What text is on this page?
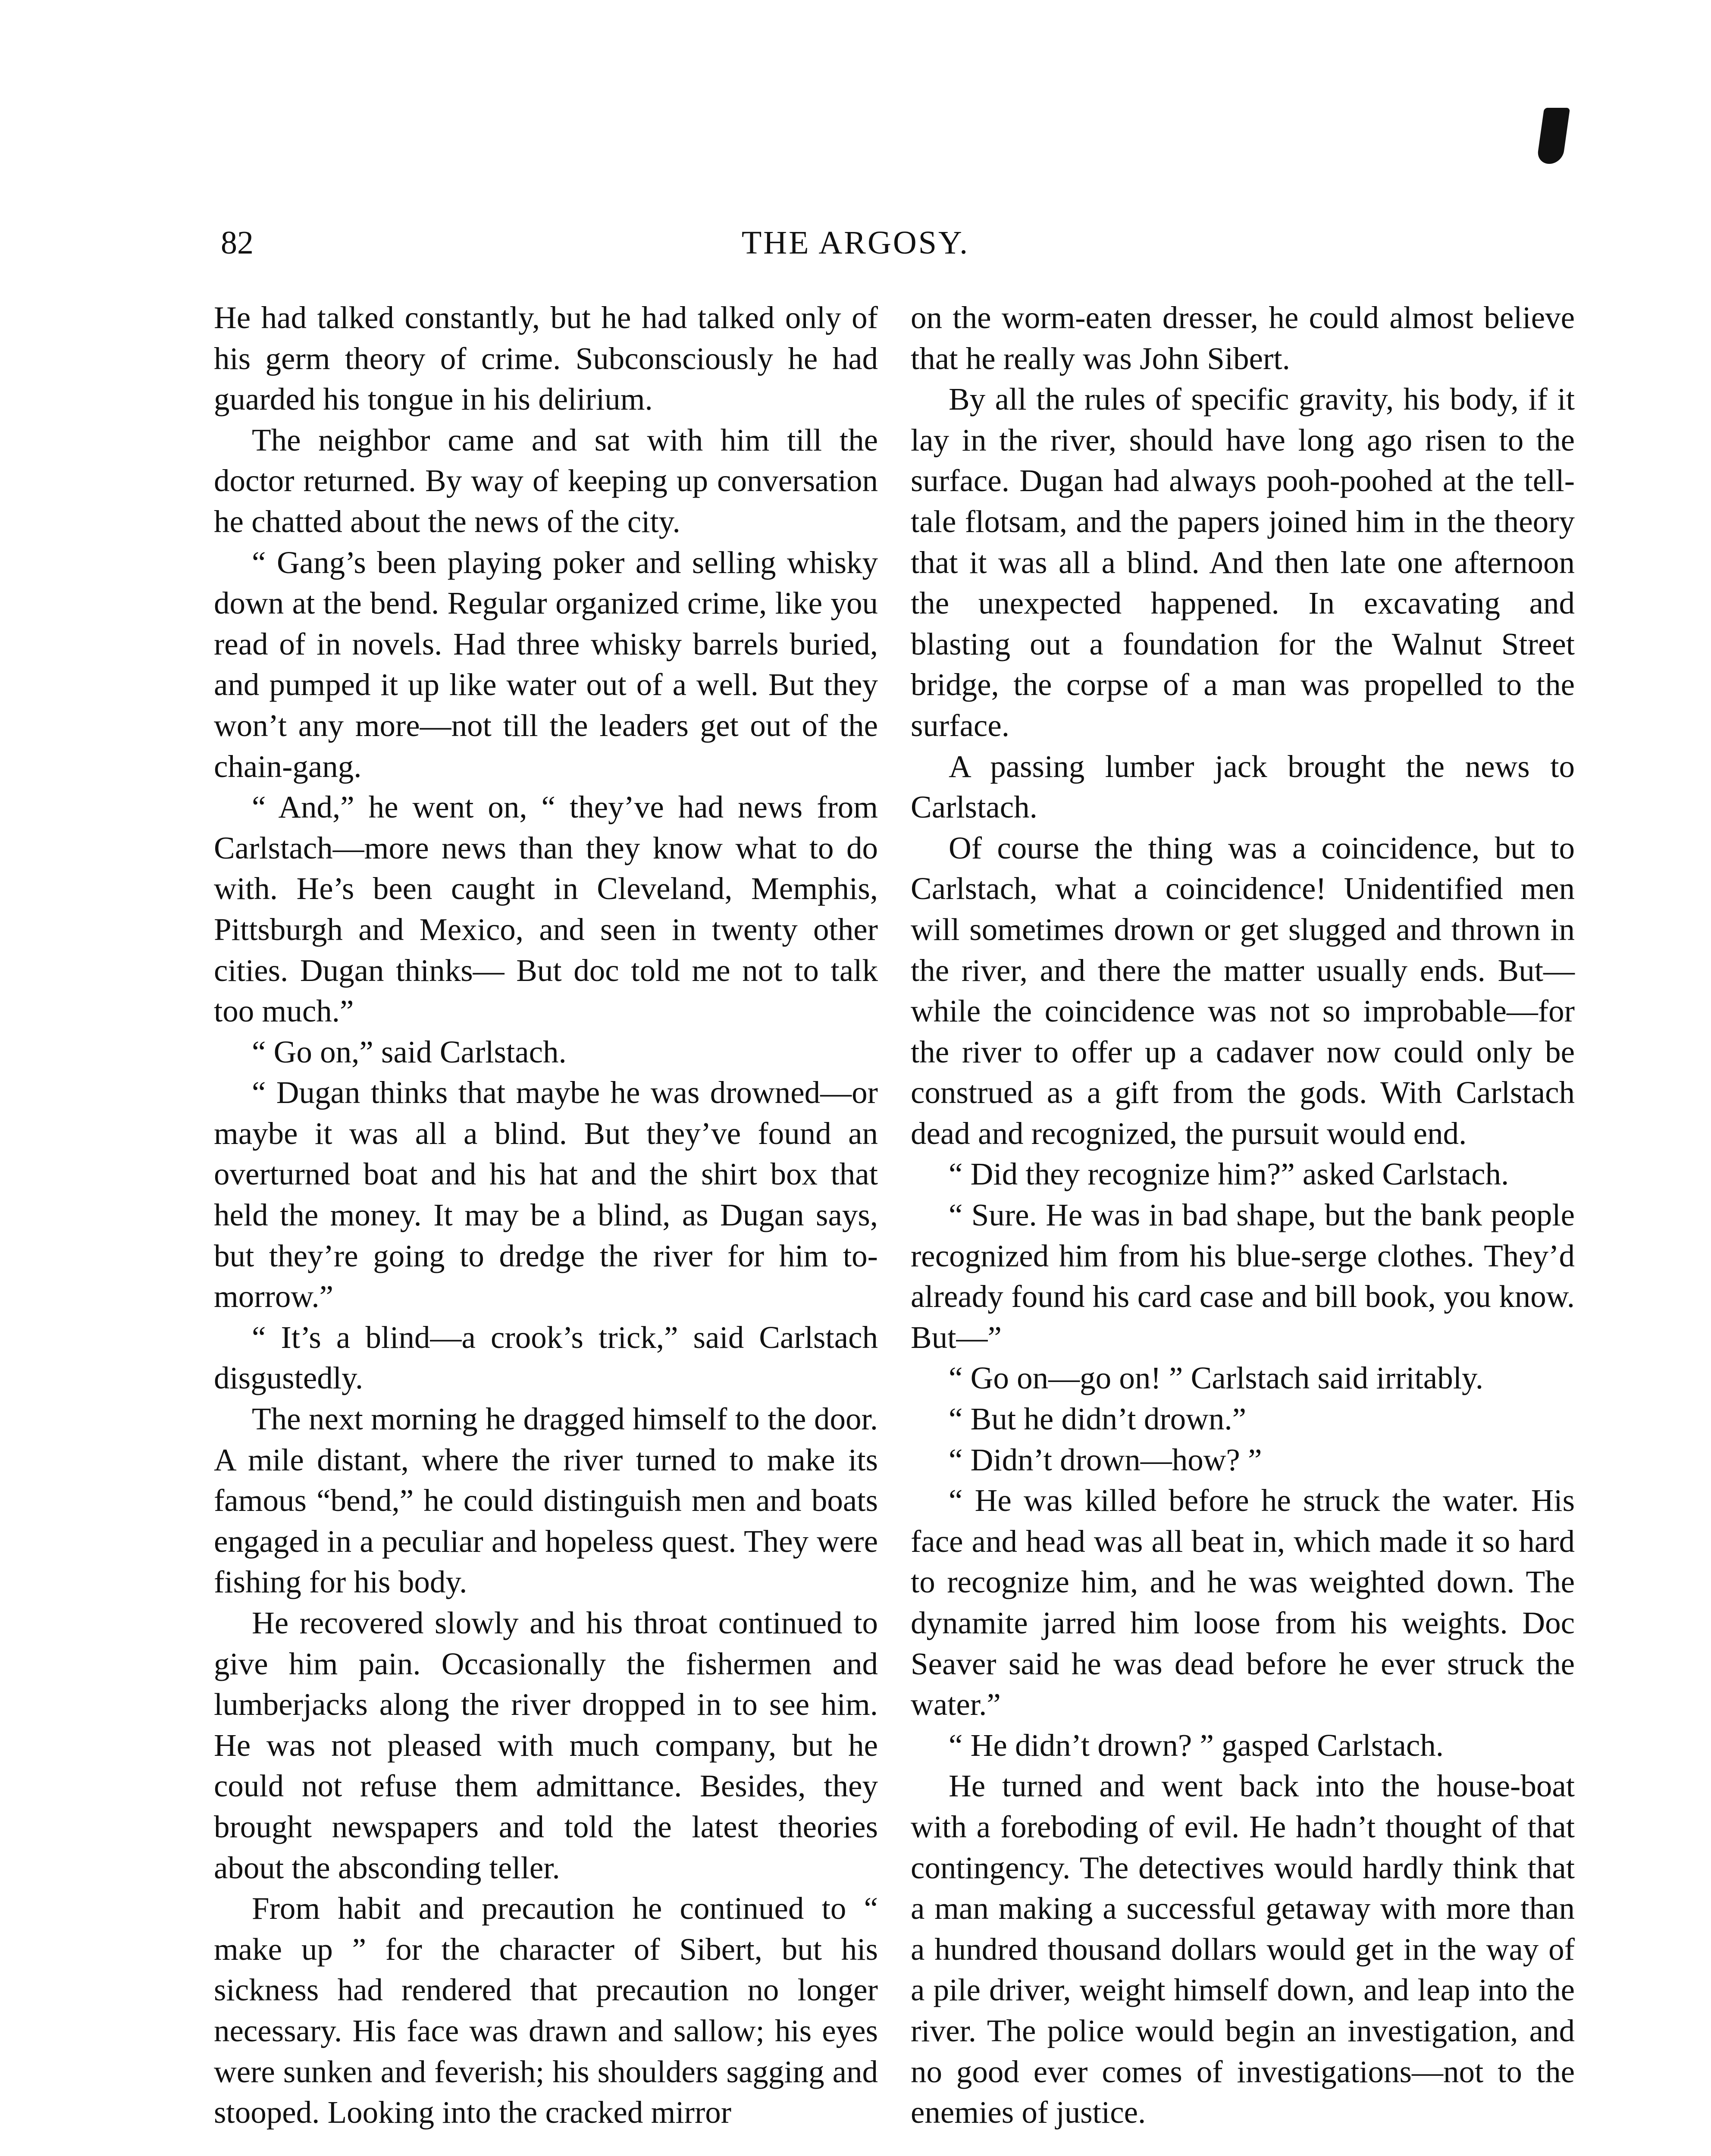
82	THE ARGOSY.

He had talked constantly, but he had talked only of his germ theory of crime. Subconsciously he had guarded his tongue in his delirium.

The neighbor came and sat with him till the doctor returned. By way of keeping up conversation he chatted about the news of the city.

“ Gang’s been playing poker and selling whisky down at the bend. Regular organized crime, like you read of in novels. Had three whisky barrels buried, and pumped it up like water out of a well. But they won’t any more—not till the leaders get out of the chain-gang.

“ And,” he went on, “ they’ve had news from Carlstach—more news than they know what to do with. He’s been caught in Cleveland, Memphis, Pittsburgh and Mexico, and seen in twenty other cities. Dugan thinks— But doc told me not to talk too much.”

“ Go on,” said Carlstach.

“ Dugan thinks that maybe he was drowned—or maybe it was all a blind. But they’ve found an overturned boat and his hat and the shirt box that held the money. It may be a blind, as Dugan says, but they’re going to dredge the river for him to-morrow.”

“ It’s a blind—a crook’s trick,” said Carlstach disgustedly.

The next morning he dragged himself to the door. A mile distant, where the river turned to make its famous “bend,” he could distinguish men and boats engaged in a peculiar and hopeless quest. They were fishing for his body.

He recovered slowly and his throat continued to give him pain. Occasionally the fishermen and lumberjacks along the river dropped in to see him. He was not pleased with much company, but he could not refuse them admittance. Besides, they brought newspapers and told the latest theories about the absconding teller.

From habit and precaution he continued to “ make up ” for the character of Sibert, but his sickness had rendered that precaution no longer necessary. His face was drawn and sallow; his eyes were sunken and feverish; his shoulders sagging and stooped. Looking into the cracked mirror

on the worm-eaten dresser, he could almost believe that he really was John Sibert.

By all the rules of specific gravity, his body, if it lay in the river, should have long ago risen to the surface. Dugan had always pooh-poohed at the tell-tale flotsam, and the papers joined him in the theory that it was all a blind. And then late one afternoon the unexpected happened. In excavating and blasting out a foundation for the Walnut Street bridge, the corpse of a man was propelled to the surface.

A passing lumber jack brought the news to Carlstach.

Of course the thing was a coincidence, but to Carlstach, what a coincidence! Unidentified men will sometimes drown or get slugged and thrown in the river, and there the matter usually ends. But—while the coincidence was not so improbable—for the river to offer up a cadaver now could only be construed as a gift from the gods. With Carlstach dead and recognized, the pursuit would end.

“ Did they recognize him?” asked Carlstach.

“ Sure. He was in bad shape, but the bank people recognized him from his blue-serge clothes. They’d already found his card case and bill book, you know. But—”

“ Go on—go on! ” Carlstach said irritably.

“ But he didn’t drown.”

“ Didn’t drown—how? ”

“ He was killed before he struck the water. His face and head was all beat in, which made it so hard to recognize him, and he was weighted down. The dynamite jarred him loose from his weights. Doc Seaver said he was dead before he ever struck the water.”

“ He didn’t drown? ” gasped Carlstach.

He turned and went back into the house-boat with a foreboding of evil. He hadn’t thought of that contingency. The detectives would hardly think that a man making a successful getaway with more than a hundred thousand dollars would get in the way of a pile driver, weight himself down, and leap into the river. The police would begin an investigation, and no good ever comes of investigations—not to the enemies of justice.
